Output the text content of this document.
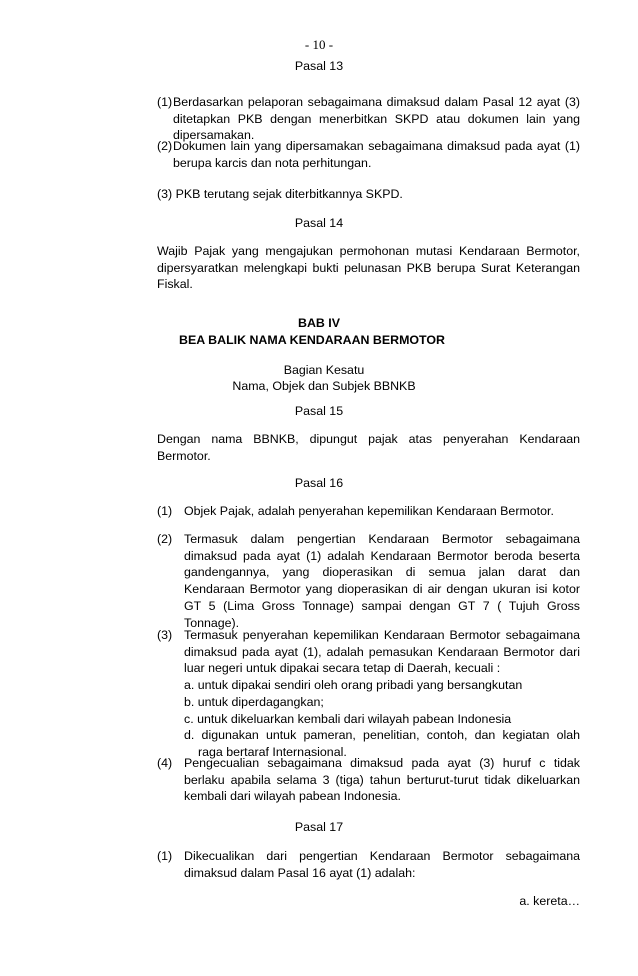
- 10 -
Pasal 13
(1) Berdasarkan pelaporan sebagaimana dimaksud dalam Pasal 12 ayat (3)
ditetapkan PKB dengan menerbitkan SKPD atau dokumen lain yang
dipersamakan.
(2) Dokumen lain yang dipersamakan sebagaimana dimaksud pada ayat (1)
berupa karcis dan nota perhitungan.
(3) PKB terutang sejak diterbitkannya SKPD.
Pasal 14
Wajib Pajak yang mengajukan permohonan mutasi Kendaraan Bermotor,
dipersyaratkan melengkapi bukti pelunasan PKB berupa Surat Keterangan
Fiskal.
BAB IV
BEA BALIK NAMA KENDARAAN BERMOTOR
Bagian Kesatu
Nama, Objek dan Subjek BBNKB
Pasal 15
Dengan nama BBNKB, dipungut pajak atas penyerahan Kendaraan
Bermotor.
Pasal 16
(1) Objek Pajak, adalah penyerahan kepemilikan Kendaraan Bermotor.
(2) Termasuk dalam pengertian Kendaraan Bermotor sebagaimana
dimaksud pada ayat (1) adalah Kendaraan Bermotor beroda beserta
gandengannya, yang dioperasikan di semua jalan darat dan
Kendaraan Bermotor yang dioperasikan di air dengan ukuran isi kotor
GT 5 (Lima Gross Tonnage) sampai dengan GT 7 ( Tujuh Gross
Tonnage).
(3) Termasuk penyerahan kepemilikan Kendaraan Bermotor sebagaimana
dimaksud pada ayat (1), adalah pemasukan Kendaraan Bermotor dari
luar negeri untuk dipakai secara tetap di Daerah, kecuali :
a. untuk dipakai sendiri oleh orang pribadi yang bersangkutan
b. untuk diperdagangkan;
c. untuk dikeluarkan kembali dari wilayah pabean Indonesia
d. digunakan untuk pameran, penelitian, contoh, dan kegiatan olah
raga bertaraf Internasional.
(4) Pengecualian sebagaimana dimaksud pada ayat (3) huruf c tidak
berlaku apabila selama 3 (tiga) tahun berturut-turut tidak dikeluarkan
kembali dari wilayah pabean Indonesia.
Pasal 17
(1) Dikecualikan dari pengertian Kendaraan Bermotor sebagaimana
dimaksud dalam Pasal 16 ayat (1) adalah:
a. kereta…
